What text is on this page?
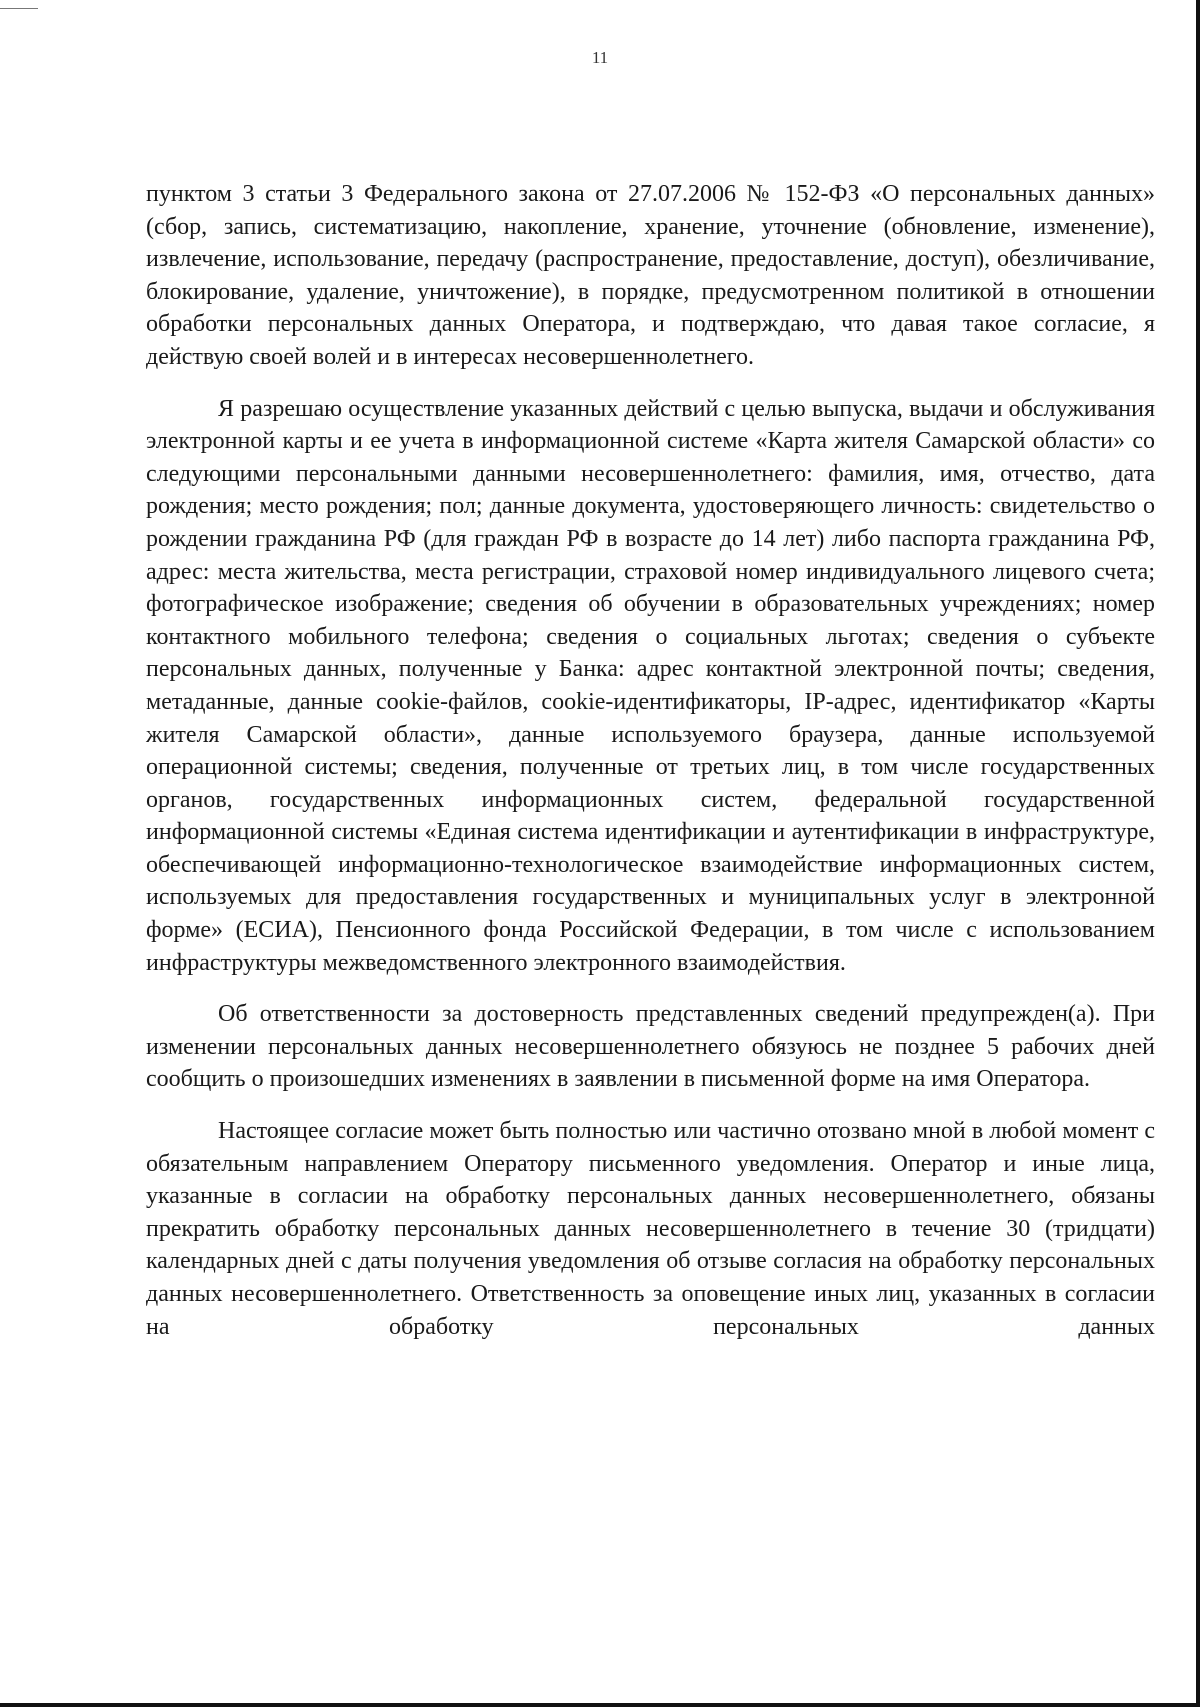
11

пунктом 3 статьи 3 Федерального закона от 27.07.2006 № 152-ФЗ «О персональных данных» (сбор, запись, систематизацию, накопление, хранение, уточнение (обновление, изменение), извлечение, использование, передачу (распространение, предоставление, доступ), обезличивание, блокирование, удаление, уничтожение), в порядке, предусмотренном политикой в отношении обработки персональных данных Оператора, и подтверждаю, что давая такое согласие, я действую своей волей и в интересах несовершеннолетнего.

Я разрешаю осуществление указанных действий с целью выпуска, выдачи и обслуживания электронной карты и ее учета в информационной системе «Карта жителя Самарской области» со следующими персональными данными несовершеннолетнего: фамилия, имя, отчество, дата рождения; место рождения; пол; данные документа, удостоверяющего личность: свидетельство о рождении гражданина РФ (для граждан РФ в возрасте до 14 лет) либо паспорта гражданина РФ, адрес: места жительства, места регистрации, страховой номер индивидуального лицевого счета; фотографическое изображение; сведения об обучении в образовательных учреждениях; номер контактного мобильного телефона; сведения о социальных льготах; сведения о субъекте персональных данных, полученные у Банка: адрес контактной электронной почты; сведения, метаданные, данные cookie-файлов, cookie-идентификаторы, IP-адрес, идентификатор «Карты жителя Самарской области», данные используемого браузера, данные используемой операционной системы; сведения, полученные от третьих лиц, в том числе государственных органов, государственных информационных систем, федеральной государственной информационной системы «Единая система идентификации и аутентификации в инфраструктуре, обеспечивающей информационно-технологическое взаимодействие информационных систем, используемых для предоставления государственных и муниципальных услуг в электронной форме» (ЕСИА), Пенсионного фонда Российской Федерации, в том числе с использованием инфраструктуры межведомственного электронного взаимодействия.

Об ответственности за достоверность представленных сведений предупрежден(а). При изменении персональных данных несовершеннолетнего обязуюсь не позднее 5 рабочих дней сообщить о произошедших изменениях в заявлении в письменной форме на имя Оператора.

Настоящее согласие может быть полностью или частично отозвано мной в любой момент с обязательным направлением Оператору письменного уведомления. Оператор и иные лица, указанные в согласии на обработку персональных данных несовершеннолетнего, обязаны прекратить обработку персональных данных несовершеннолетнего в течение 30 (тридцати) календарных дней с даты получения уведомления об отзыве согласия на обработку персональных данных несовершеннолетнего. Ответственность за оповещение иных лиц, указанных в согласии на обработку персональных данных
